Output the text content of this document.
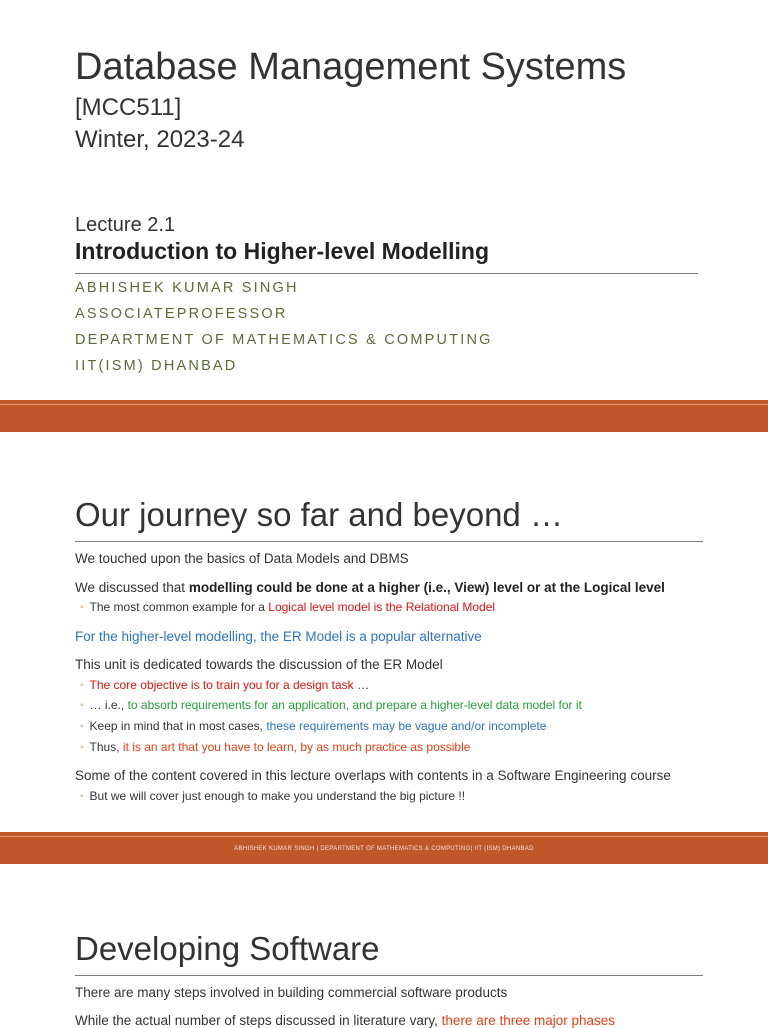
Database Management Systems
[MCC511]
Winter, 2023-24
Lecture 2.1
Introduction to Higher-level Modelling
ABHISHEK KUMAR SINGH
ASSOCIATEPROFESSOR
DEPARTMENT OF MATHEMATICS & COMPUTING
IIT(ISM) DHANBAD
Our journey so far and beyond …
We touched upon the basics of Data Models and DBMS
We discussed that modelling could be done at a higher (i.e., View) level or at the Logical level
◦ The most common example for a Logical level model is the Relational Model
For the higher-level modelling, the ER Model is a popular alternative
This unit is dedicated towards the discussion of the ER Model
◦ The core objective is to train you for a design task …
◦ … i.e., to absorb requirements for an application, and prepare a higher-level data model for it
◦ Keep in mind that in most cases, these requirements may be vague and/or incomplete
◦ Thus, it is an art that you have to learn, by as much practice as possible
Some of the content covered in this lecture overlaps with contents in a Software Engineering course
◦ But we will cover just enough to make you understand the big picture !!
ABHISHEK KUMAR SINGH | DEPARTMENT OF MATHEMATICS & COMPUTING| IIT (ISM) DHANBAD
Developing Software
There are many steps involved in building commercial software products
While the actual number of steps discussed in literature vary, there are three major phases
